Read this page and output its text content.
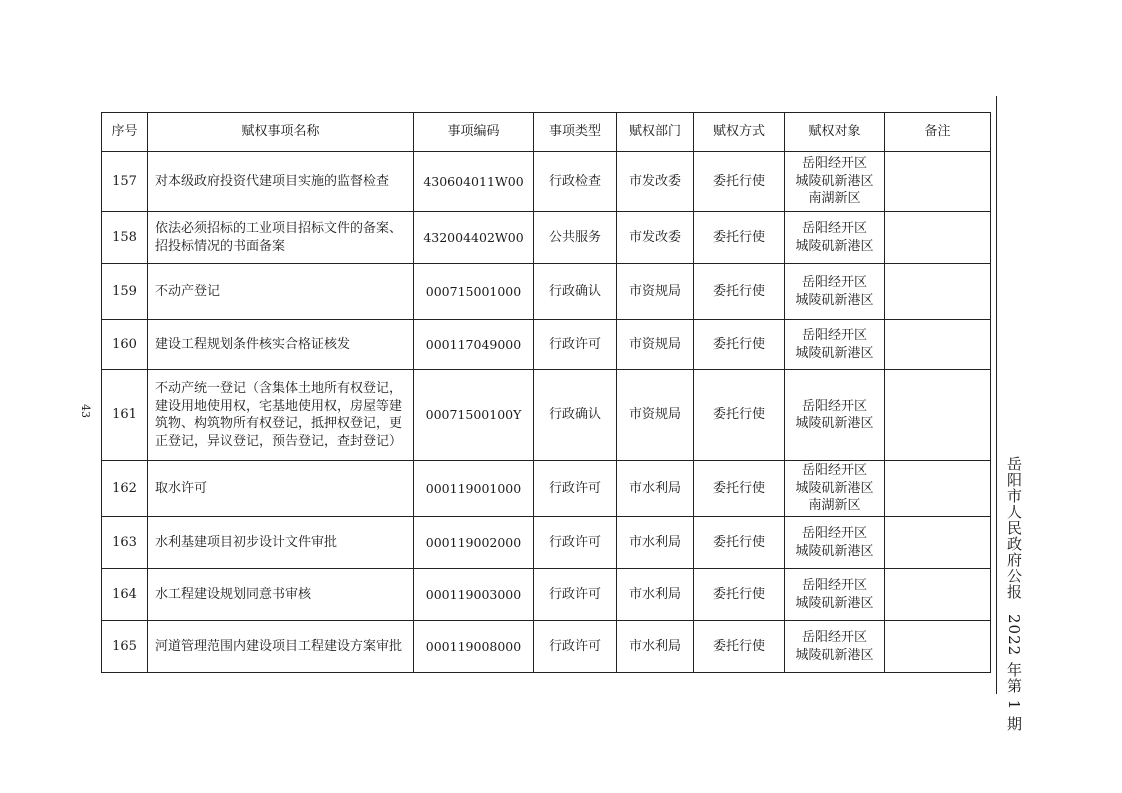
43
岳阳市人民政府公报2022 年第 1 期
序号	赋权事项名称	事项编码	事项类型	赋权部门	赋权方式	赋权对象	备注
157	对本级政府投资代建项目实施的监督检查	430604011W00	行政检查	市发改委	委托行使	岳阳经开区
城陵矶新港区
南湖新区	

158	依法必须招标的工业项目招标文件的备案、招投标情况的书面备案	432004402W00	公共服务	市发改委	委托行使	岳阳经开区
城陵矶新港区	

159	不动产登记	000715001000	行政确认	市资规局	委托行使	岳阳经开区
城陵矶新港区	

160	建设工程规划条件核实合格证核发	000117049000	行政许可	市资规局	委托行使	岳阳经开区
城陵矶新港区	

161	不动产统一登记（含集体土地所有权登记，建设用地使用权，宅基地使用权，房屋等建筑物、构筑物所有权登记，抵押权登记，更正登记，异议登记，预告登记，查封登记）	00071500100Y	行政确认	市资规局	委托行使	岳阳经开区
城陵矶新港区	

162	取水许可	000119001000	行政许可	市水利局	委托行使	岳阳经开区
城陵矶新港区
南湖新区	

163	水利基建项目初步设计文件审批	000119002000	行政许可	市水利局	委托行使	岳阳经开区
城陵矶新港区	

164	水工程建设规划同意书审核	000119003000	行政许可	市水利局	委托行使	岳阳经开区
城陵矶新港区	

165	河道管理范围内建设项目工程建设方案审批	000119008000	行政许可	市水利局	委托行使	岳阳经开区
城陵矶新港区	
